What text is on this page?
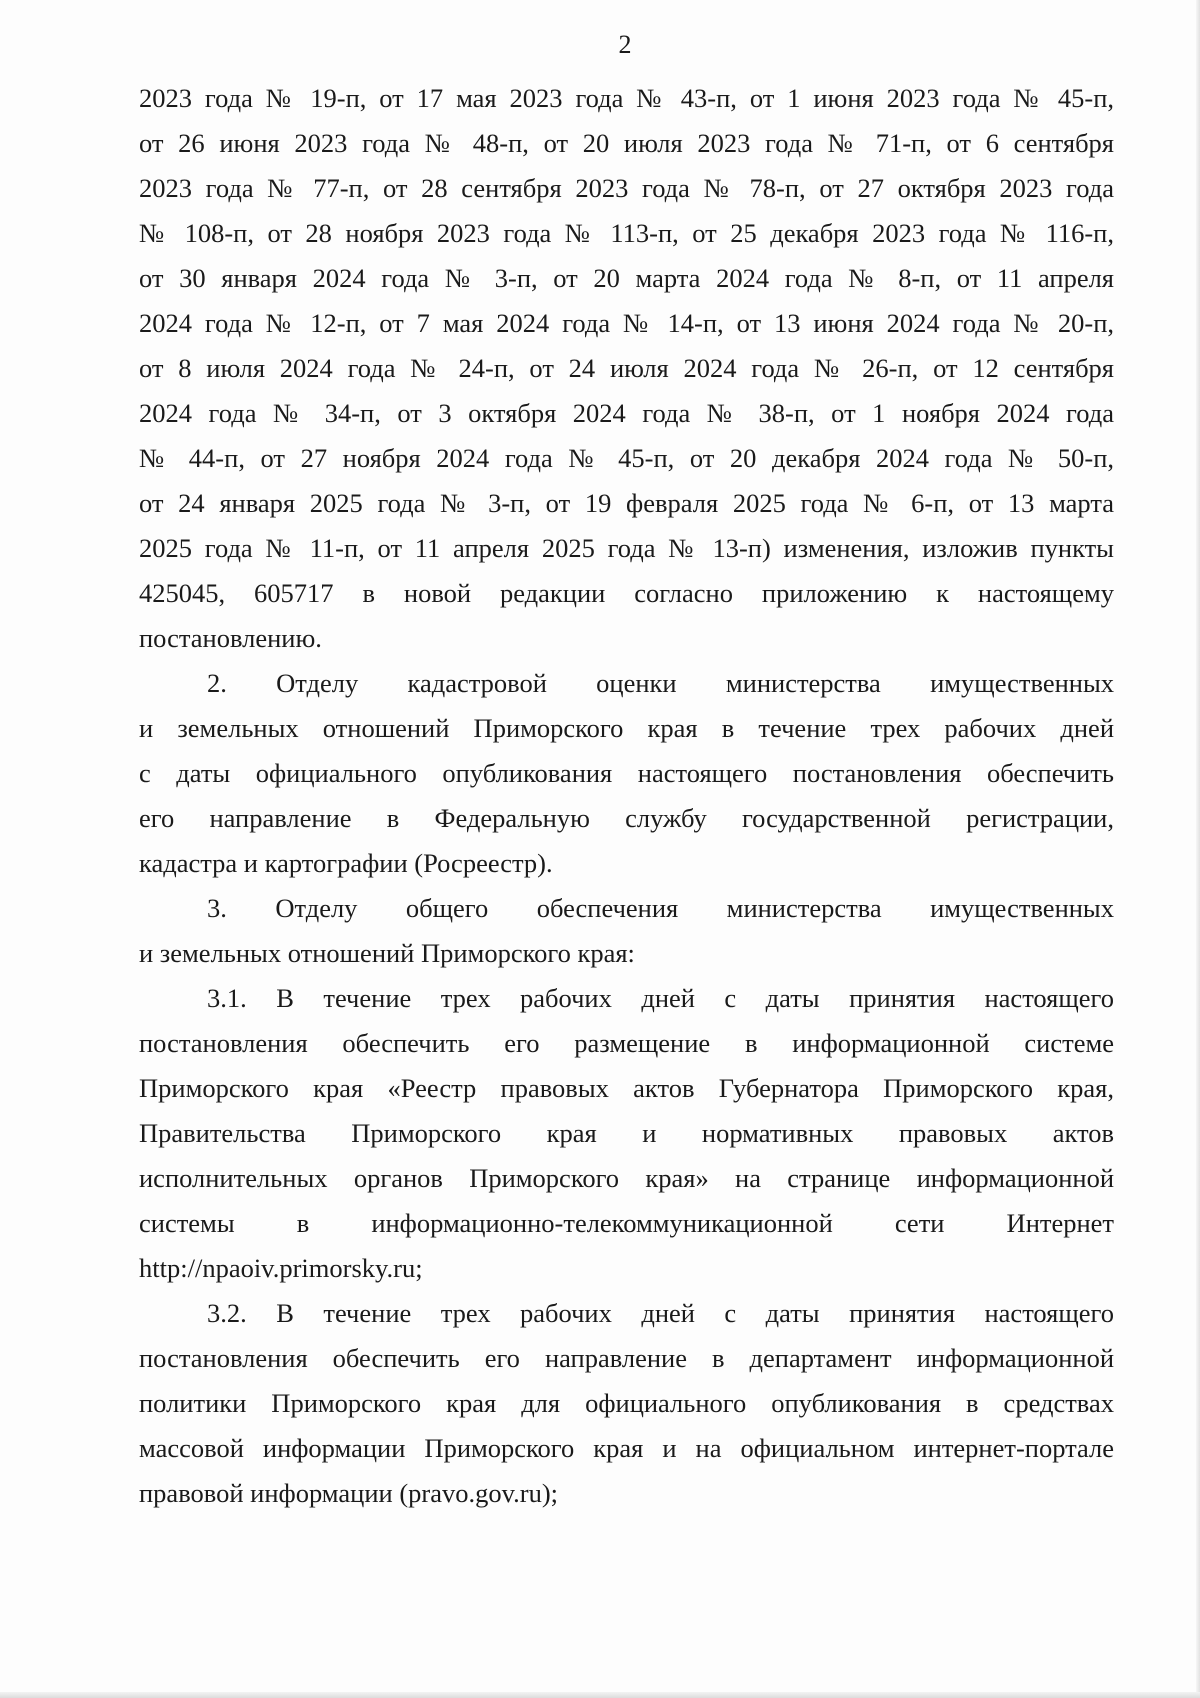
2
2023 года № 19-п, от 17 мая 2023 года № 43-п, от 1 июня 2023 года № 45-п,
от 26 июня 2023 года № 48-п, от 20 июля 2023 года № 71-п, от 6 сентября
2023 года № 77-п, от 28 сентября 2023 года № 78-п, от 27 октября 2023 года
№ 108-п, от 28 ноября 2023 года № 113-п, от 25 декабря 2023 года № 116-п,
от 30 января 2024 года № 3-п, от 20 марта 2024 года № 8-п, от 11 апреля
2024 года № 12-п, от 7 мая 2024 года № 14-п, от 13 июня 2024 года № 20-п,
от 8 июля 2024 года № 24-п, от 24 июля 2024 года № 26-п, от 12 сентября
2024 года № 34-п, от 3 октября 2024 года № 38-п, от 1 ноября 2024 года
№ 44-п, от 27 ноября 2024 года № 45-п, от 20 декабря 2024 года № 50-п,
от 24 января 2025 года № 3-п, от 19 февраля 2025 года № 6-п, от 13 марта
2025 года № 11-п, от 11 апреля 2025 года № 13-п) изменения, изложив пункты
425045, 605717 в новой редакции согласно приложению к настоящему
постановлению.
2. Отделу кадастровой оценки министерства имущественных
и земельных отношений Приморского края в течение трех рабочих дней
с даты официального опубликования настоящего постановления обеспечить
его направление в Федеральную службу государственной регистрации,
кадастра и картографии (Росреестр).
3. Отделу общего обеспечения министерства имущественных
и земельных отношений Приморского края:
3.1. В течение трех рабочих дней с даты принятия настоящего
постановления обеспечить его размещение в информационной системе
Приморского края «Реестр правовых актов Губернатора Приморского края,
Правительства Приморского края и нормативных правовых актов
исполнительных органов Приморского края» на странице информационной
системы в информационно-телекоммуникационной сети Интернет
http://npaoiv.primorsky.ru;
3.2. В течение трех рабочих дней с даты принятия настоящего
постановления обеспечить его направление в департамент информационной
политики Приморского края для официального опубликования в средствах
массовой информации Приморского края и на официальном интернет-портале
правовой информации (pravo.gov.ru);
